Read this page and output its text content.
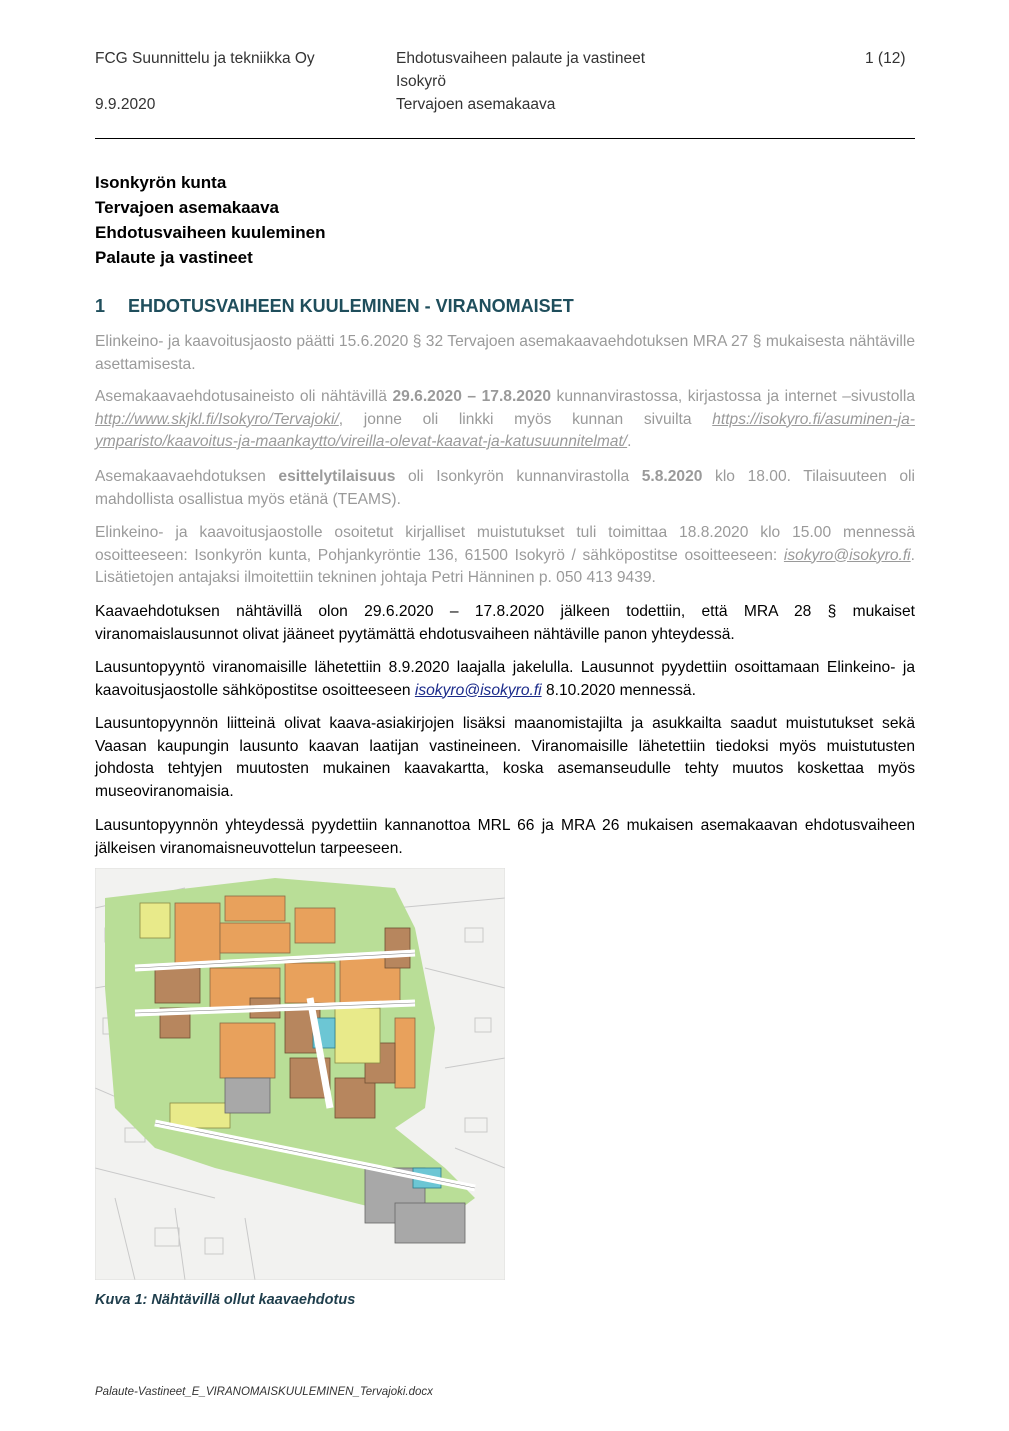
FCG Suunnittelu ja tekniikka Oy
9.9.2020
Ehdotusvaiheen palaute ja vastineet
Isokyrö
Tervajoen asemakaava
1 (12)
Isonkyrön kunta
Tervajoen asemakaava
Ehdotusvaiheen kuuleminen
Palaute ja vastineet
1 EHDOTUSVAIHEEN KUULEMINEN - VIRANOMAISET

Elinkeino- ja kaavoitusjaosto päätti 15.6.2020 § 32 Tervajoen asemakaavaehdotuksen MRA 27 § mukaisesta nähtäville asettamisesta.

Asemakaavaehdotusaineisto oli nähtävillä 29.6.2020 – 17.8.2020 kunnanvirastossa, kirjastossa ja internet –sivustolla http://www.skjkl.fi/Isokyro/Tervajoki/, jonne oli linkki myös kunnan sivuilta https://isokyro.fi/asuminen-ja-ymparisto/kaavoitus-ja-maankaytto/vireilla-olevat-kaavat-ja-katusuunnitelmat/.

Asemakaavaehdotuksen esittelytilaisuus oli Isonkyrön kunnanvirastolla 5.8.2020 klo 18.00. Tilaisuuteen oli mahdollista osallistua myös etänä (TEAMS).

Elinkeino- ja kaavoitusjaostolle osoitetut kirjalliset muistutukset tuli toimittaa 18.8.2020 klo 15.00 mennessä osoitteeseen: Isonkyrön kunta, Pohjankyröntie 136, 61500 Isokyrö / sähköpostitse osoitteeseen: isokyro@isokyro.fi. Lisätietojen antajaksi ilmoitettiin tekninen johtaja Petri Hänninen p. 050 413 9439.

Kaavaehdotuksen nähtävillä olon 29.6.2020 – 17.8.2020 jälkeen todettiin, että MRA 28 § mukaiset viranomaislausunnot olivat jääneet pyytämättä ehdotusvaiheen nähtäville panon yhteydessä.

Lausuntopyyntö viranomaisille lähetettiin 8.9.2020 laajalla jakelulla. Lausunnot pyydettiin osoittamaan Elinkeino- ja kaavoitusjaostolle sähköpostitse osoitteeseen isokyro@isokyro.fi 8.10.2020 mennessä.

Lausuntopyynnön liitteinä olivat kaava-asiakirjojen lisäksi maanomistajilta ja asukkailta saadut muistutukset sekä Vaasan kaupungin lausunto kaavan laatijan vastineineen. Viranomaisille lähetettiin tiedoksi myös muistutusten johdosta tehtyjen muutosten mukainen kaavakartta, koska asemanseudulle tehty muutos koskettaa myös museoviranomaisia.

Lausuntopyynnön yhteydessä pyydettiin kannanottoa MRL 66 ja MRA 26 mukaisen asemakaavan ehdotusvaiheen jälkeisen viranomaisneuvottelun tarpeeseen.

Kuva 1: Nähtävillä ollut kaavaehdotus
Palaute-Vastineet_E_VIRANOMAISKUULEMINEN_Tervajoki.docx
